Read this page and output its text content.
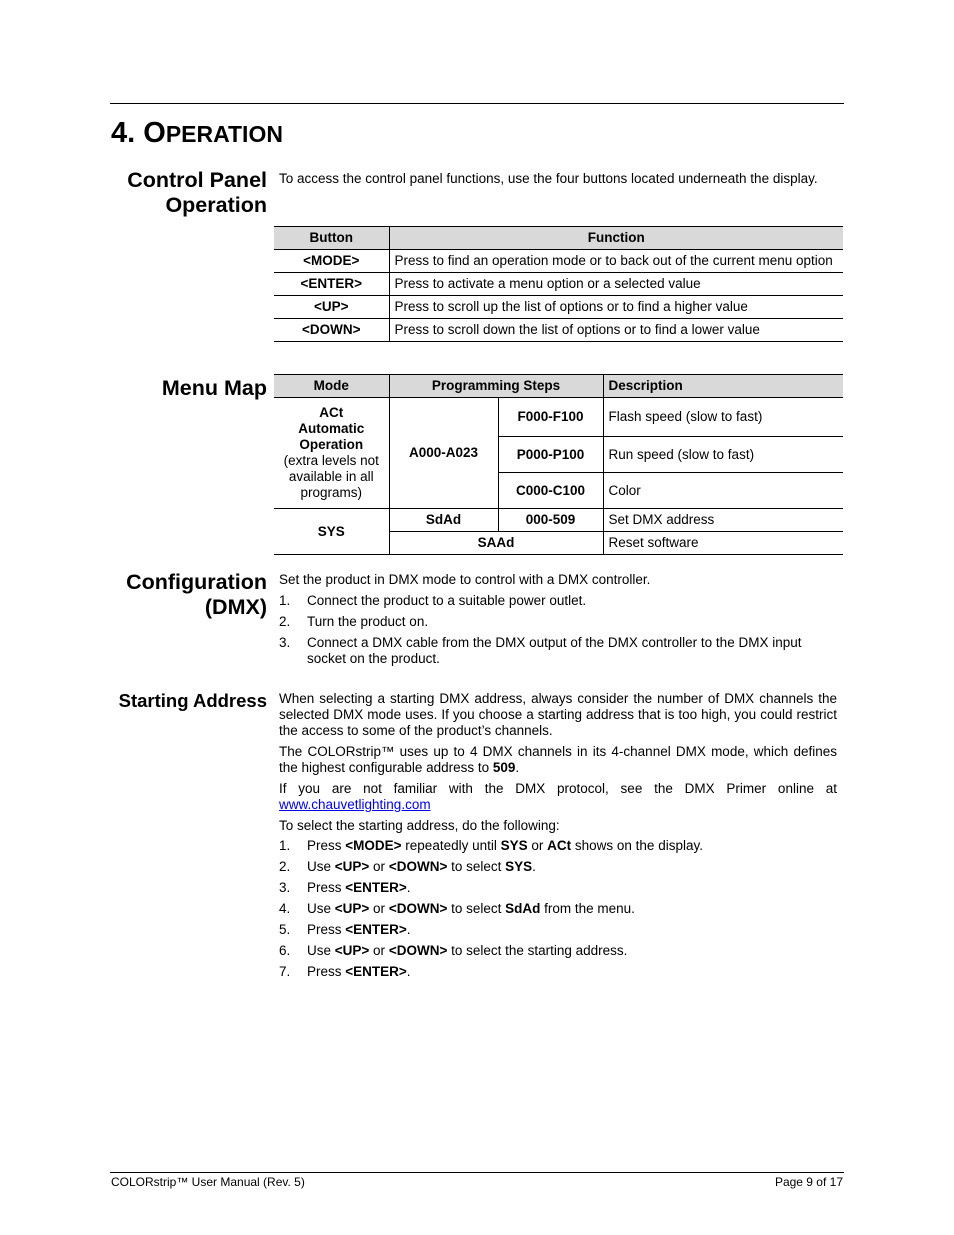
4. OPERATION
Control Panel
Operation

To access the control panel functions, use the four buttons located underneath the display.

Button	Function
<MODE>	Press to find an operation mode or to back out of the current menu option
<ENTER>	Press to activate a menu option or a selected value
<UP>	Press to scroll up the list of options or to find a higher value
<DOWN>	Press to scroll down the list of options or to find a lower value
Menu Map	Mode	Programming Steps		Description

ACt
Automatic Operation
(extra levels not available in all programs)	A000-A023	F000-F100	Flash speed (slow to fast)
		P000-P100	Run speed (slow to fast)
		C000-C100	Color
SYS	SdAd	000-509	Set DMX address
	SAAd		Reset software
Configuration
(DMX)

Set the product in DMX mode to control with a DMX controller.

1. Connect the product to a suitable power outlet.
2. Turn the product on.
3. Connect a DMX cable from the DMX output of the DMX controller to the DMX input socket on the product.
Starting Address When selecting a starting DMX address, always consider the number of DMX channels the selected DMX mode uses. If you choose a starting address that is too high, you could restrict the access to some of the product’s channels.

The COLORstrip™ uses up to 4 DMX channels in its 4-channel DMX mode, which defines the highest configurable address to 509.

If you are not familiar with the DMX protocol, see the DMX Primer online at www.chauvetlighting.com

To select the starting address, do the following:

1. Press <MODE> repeatedly until SYS or ACt shows on the display.
2. Use <UP> or <DOWN> to select SYS.
3. Press <ENTER>.
4. Use <UP> or <DOWN> to select SdAd from the menu.
5. Press <ENTER>.
6. Use <UP> or <DOWN> to select the starting address.
7. Press <ENTER>.
COLORstrip™ User Manual (Rev. 5)	Page 9 of 17
